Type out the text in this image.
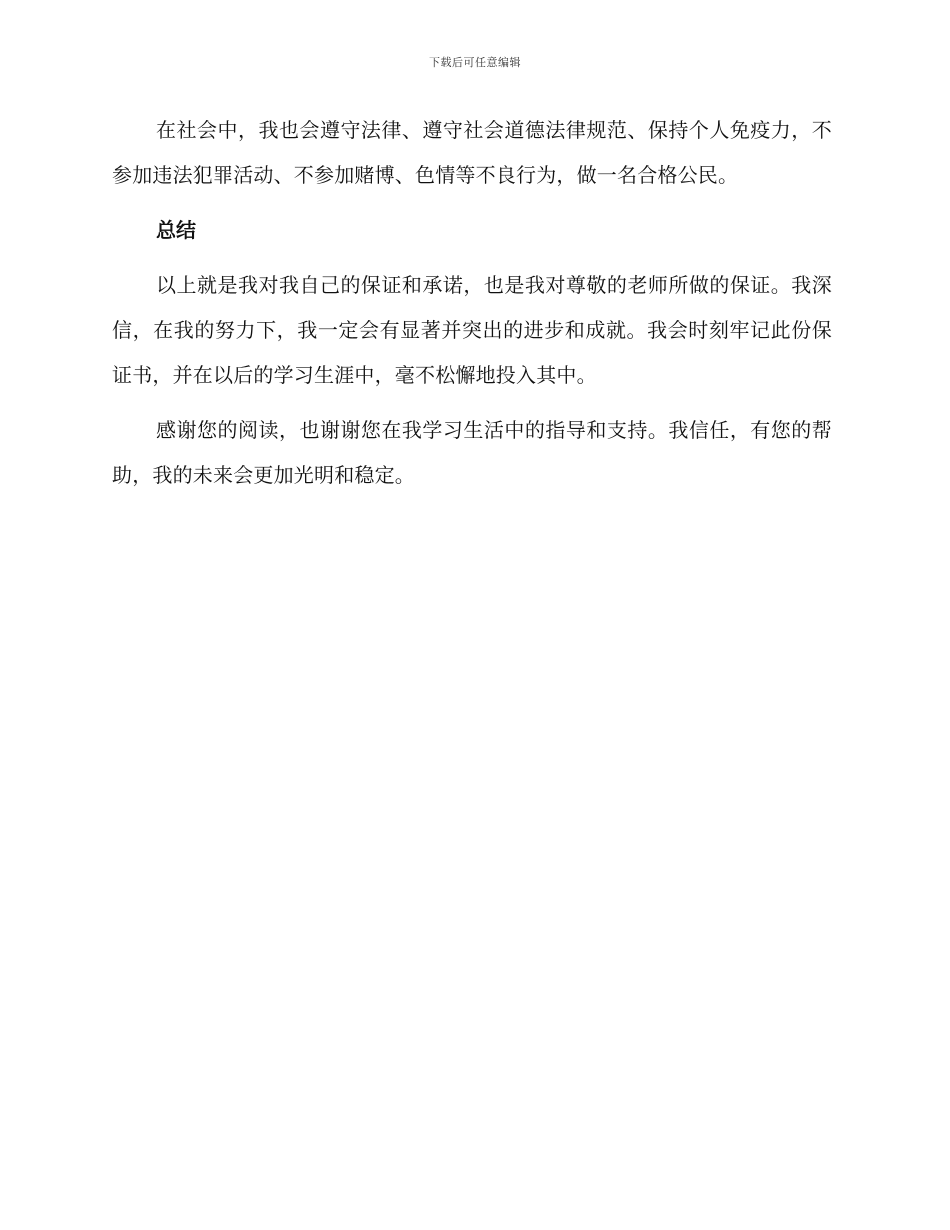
下载后可任意编辑

在社会中，我也会遵守法律、遵守社会道德法律规范、保持个人免疫力，不参加违法犯罪活动、不参加赌博、色情等不良行为，做一名合格公民。

总结

以上就是我对我自己的保证和承诺，也是我对尊敬的老师所做的保证。我深信，在我的努力下，我一定会有显著并突出的进步和成就。我会时刻牢记此份保证书，并在以后的学习生涯中，毫不松懈地投入其中。

感谢您的阅读，也谢谢您在我学习生活中的指导和支持。我信任，有您的帮助，我的未来会更加光明和稳定。
